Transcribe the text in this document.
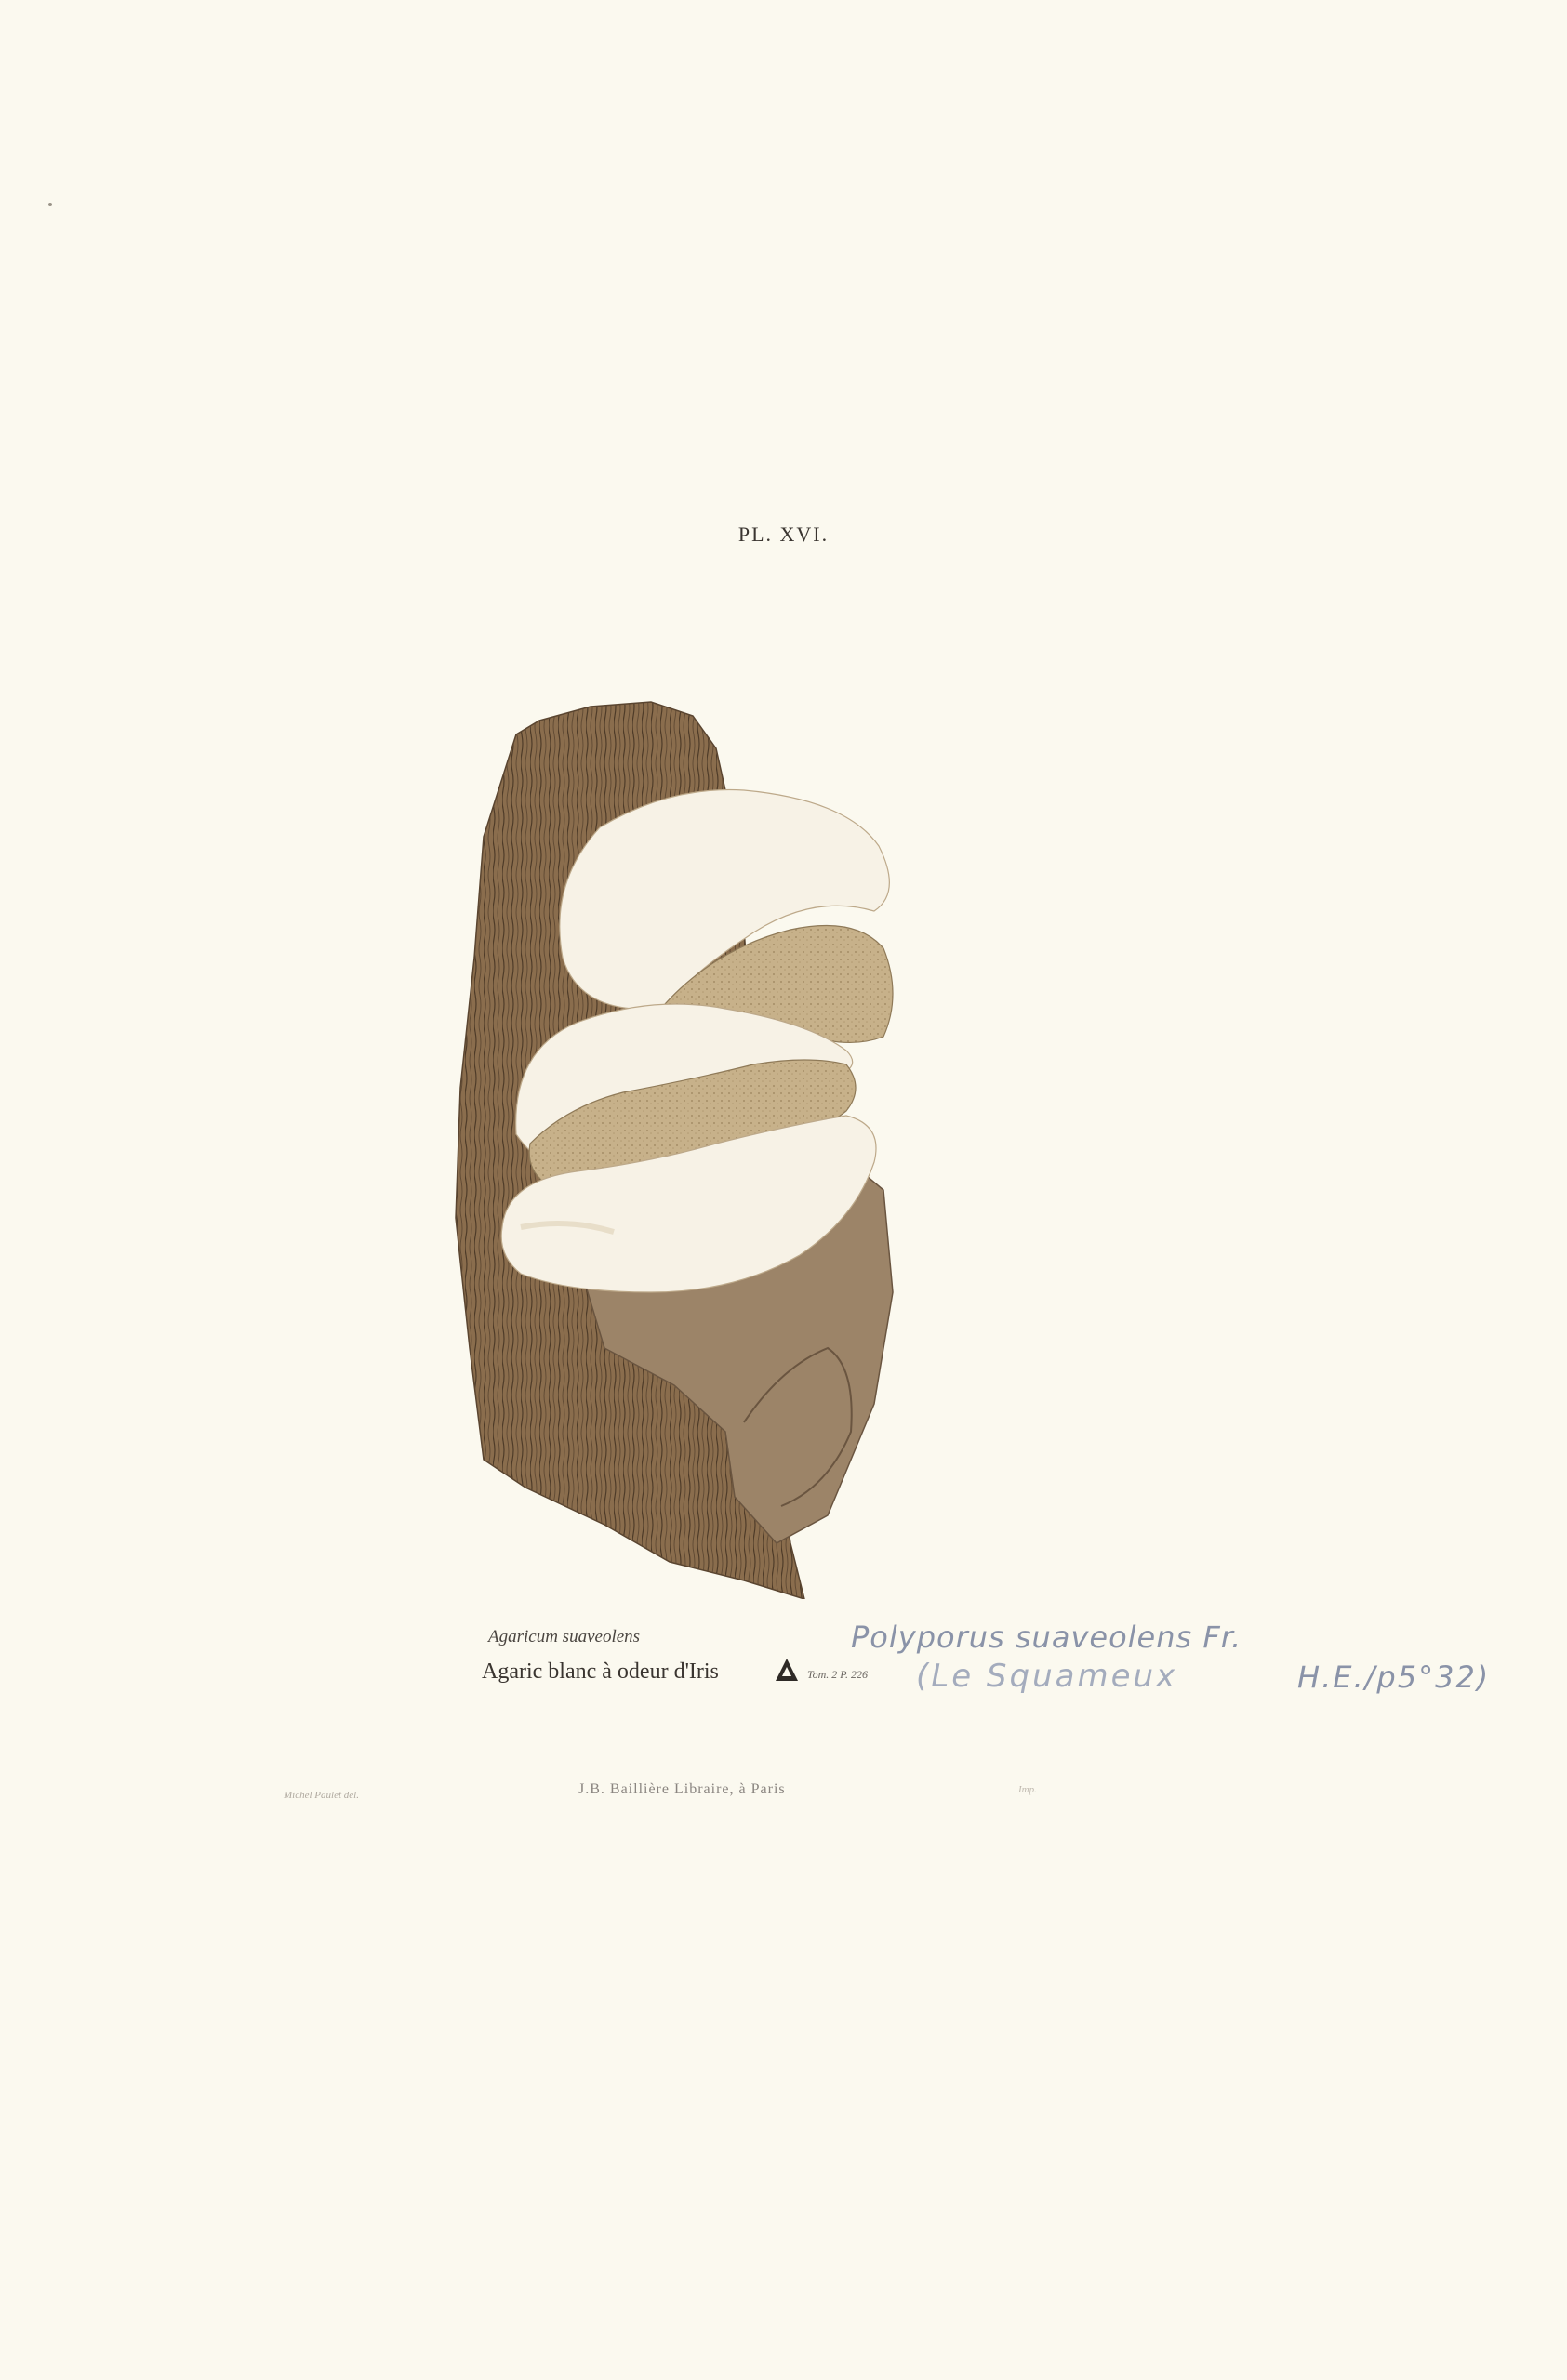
PL. XVI.
Agaricum suaveolens
Agaric blanc à odeur d'Iris	Tom. 2 P. 226
Polyporus suaveolens Fr.
(Le Squameux	H.E./p5°32)
Michel Paulet del.	J.B. Baillière Libraire, à Paris	Imp.
